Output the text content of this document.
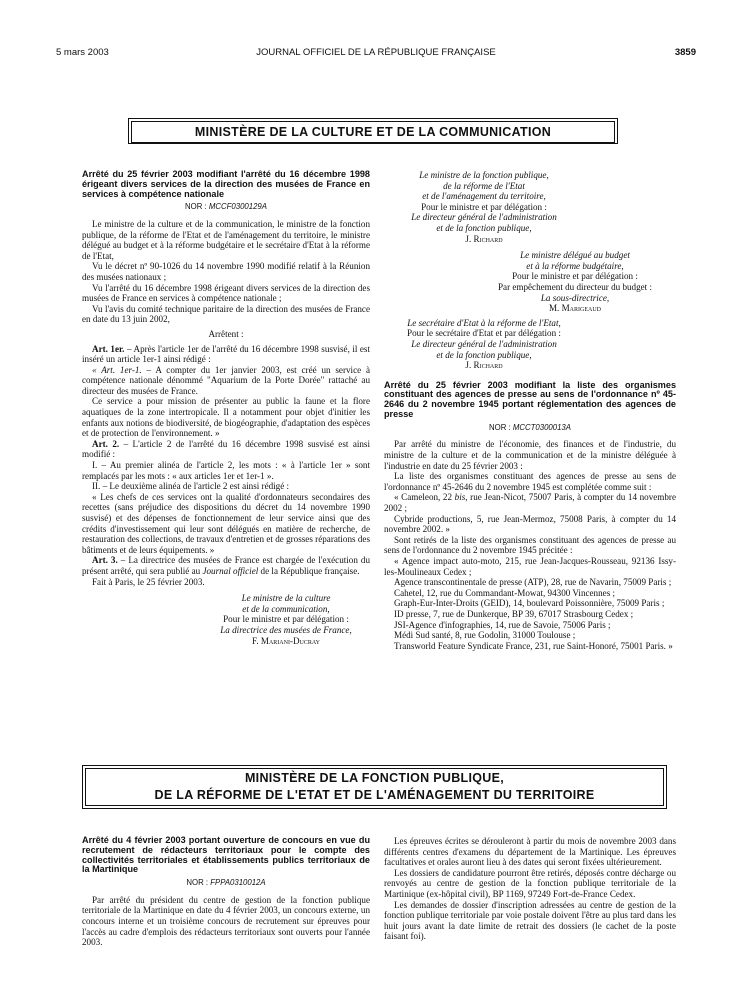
5 mars 2003	JOURNAL OFFICIEL DE LA RÉPUBLIQUE FRANÇAISE	3859
MINISTÈRE DE LA CULTURE ET DE LA COMMUNICATION

Arrêté du 25 février 2003 modifiant l'arrêté du 16 décembre 1998 érigeant divers services de la direction des musées de France en services à compétence nationale

NOR : MCCF0300129A

Le ministre de la culture et de la communication, le ministre de la fonction publique, de la réforme de l'Etat et de l'aménagement du territoire, le ministre délégué au budget et à la réforme budgétaire et le secrétaire d'Etat à la réforme de l'Etat,

Vu le décret nº 90-1026 du 14 novembre 1990 modifié relatif à la Réunion des musées nationaux ;

Vu l'arrêté du 16 décembre 1998 érigeant divers services de la direction des musées de France en services à compétence nationale ;

Vu l'avis du comité technique paritaire de la direction des musées de France en date du 13 juin 2002,

Arrêtent :

Art. 1er. – Après l'article 1er de l'arrêté du 16 décembre 1998 susvisé, il est inséré un article 1er-1 ainsi rédigé :

« Art. 1er-1. – A compter du 1er janvier 2003, est créé un service à compétence nationale dénommé "Aquarium de la Porte Dorée" rattaché au directeur des musées de France.

Ce service a pour mission de présenter au public la faune et la flore aquatiques de la zone intertropicale. Il a notamment pour objet d'initier les enfants aux notions de biodiversité, de biogéographie, d'adaptation des espèces et de protection de l'environnement. »

Art. 2. – L'article 2 de l'arrêté du 16 décembre 1998 susvisé est ainsi modifié :

I. – Au premier alinéa de l'article 2, les mots : « à l'article 1er » sont remplacés par les mots : « aux articles 1er et 1er-1 ».

II. – Le deuxième alinéa de l'article 2 est ainsi rédigé :

« Les chefs de ces services ont la qualité d'ordonnateurs secondaires des recettes (sans préjudice des dispositions du décret du 14 novembre 1990 susvisé) et des dépenses de fonctionnement de leur service ainsi que des crédits d'investissement qui leur sont délégués en matière de recherche, de restauration des collections, de travaux d'entretien et de grosses réparations des bâtiments et de leurs équipements. »

Art. 3. – La directrice des musées de France est chargée de l'exécution du présent arrêté, qui sera publié au Journal officiel de la République française.

Fait à Paris, le 25 février 2003.

Le ministre de la culture
et de la communication,
Pour le ministre et par délégation :
La directrice des musées de France,
F. Mariani-Ducray
Le ministre de la fonction publique,
de la réforme de l'Etat
et de l'aménagement du territoire,
Pour le ministre et par délégation :
Le directeur général de l'administration
et de la fonction publique,
J. Richard
Le ministre délégué au budget
et à la réforme budgétaire,
Pour le ministre et par délégation :
Par empêchement du directeur du budget :
La sous-directrice,
M. Marigeaud
Le secrétaire d'Etat à la réforme de l'Etat,
Pour le secrétaire d'Etat et par délégation :
Le directeur général de l'administration
et de la fonction publique,
J. Richard

Arrêté du 25 février 2003 modifiant la liste des organismes constituant des agences de presse au sens de l'ordonnance nº 45-2646 du 2 novembre 1945 portant réglementation des agences de presse

NOR : MCCT0300013A

Par arrêté du ministre de l'économie, des finances et de l'industrie, du ministre de la culture et de la communication et de la ministre déléguée à l'industrie en date du 25 février 2003 :

La liste des organismes constituant des agences de presse au sens de l'ordonnance nº 45-2646 du 2 novembre 1945 est complétée comme suit :

« Cameleon, 22 bis, rue Jean-Nicot, 75007 Paris, à compter du 14 novembre 2002 ;

Cybride productions, 5, rue Jean-Mermoz, 75008 Paris, à compter du 14 novembre 2002. »

Sont retirés de la liste des organismes constituant des agences de presse au sens de l'ordonnance du 2 novembre 1945 précitée :

« Agence impact auto-moto, 215, rue Jean-Jacques-Rousseau, 92136 Issy-les-Moulineaux Cedex ;

Agence transcontinentale de presse (ATP), 28, rue de Navarin, 75009 Paris ;

Cahetel, 12, rue du Commandant-Mowat, 94300 Vincennes ;

Graph-Eur-Inter-Droits (GEID), 14, boulevard Poissonnière, 75009 Paris ;

ID presse, 7, rue de Dunkerque, BP 39, 67017 Strasbourg Cedex ;

JSI-Agence d'infographies, 14, rue de Savoie, 75006 Paris ;

Médi Sud santé, 8, rue Godolin, 31000 Toulouse ;

Transworld Feature Syndicate France, 231, rue Saint-Honoré, 75001 Paris. »

MINISTÈRE DE LA FONCTION PUBLIQUE,
DE LA RÉFORME DE L'ETAT ET DE L'AMÉNAGEMENT DU TERRITOIRE

Arrêté du 4 février 2003 portant ouverture de concours en vue du recrutement de rédacteurs territoriaux pour le compte des collectivités territoriales et établissements publics territoriaux de la Martinique

NOR : FPPA0310012A

Par arrêté du président du centre de gestion de la fonction publique territoriale de la Martinique en date du 4 février 2003, un concours externe, un concours interne et un troisième concours de recrutement sur épreuves pour l'accès au cadre d'emplois des rédacteurs territoriaux sont ouverts pour l'année 2003.

Les épreuves écrites se dérouleront à partir du mois de novembre 2003 dans différents centres d'examens du département de la Martinique. Les épreuves facultatives et orales auront lieu à des dates qui seront fixées ultérieurement.

Les dossiers de candidature pourront être retirés, déposés contre décharge ou renvoyés au centre de gestion de la fonction publique territoriale de la Martinique (ex-hôpital civil), BP 1169, 97249 Fort-de-France Cedex.

Les demandes de dossier d'inscription adressées au centre de gestion de la fonction publique territoriale par voie postale doivent l'être au plus tard dans les huit jours avant la date limite de retrait des dossiers (le cachet de la poste faisant foi).
